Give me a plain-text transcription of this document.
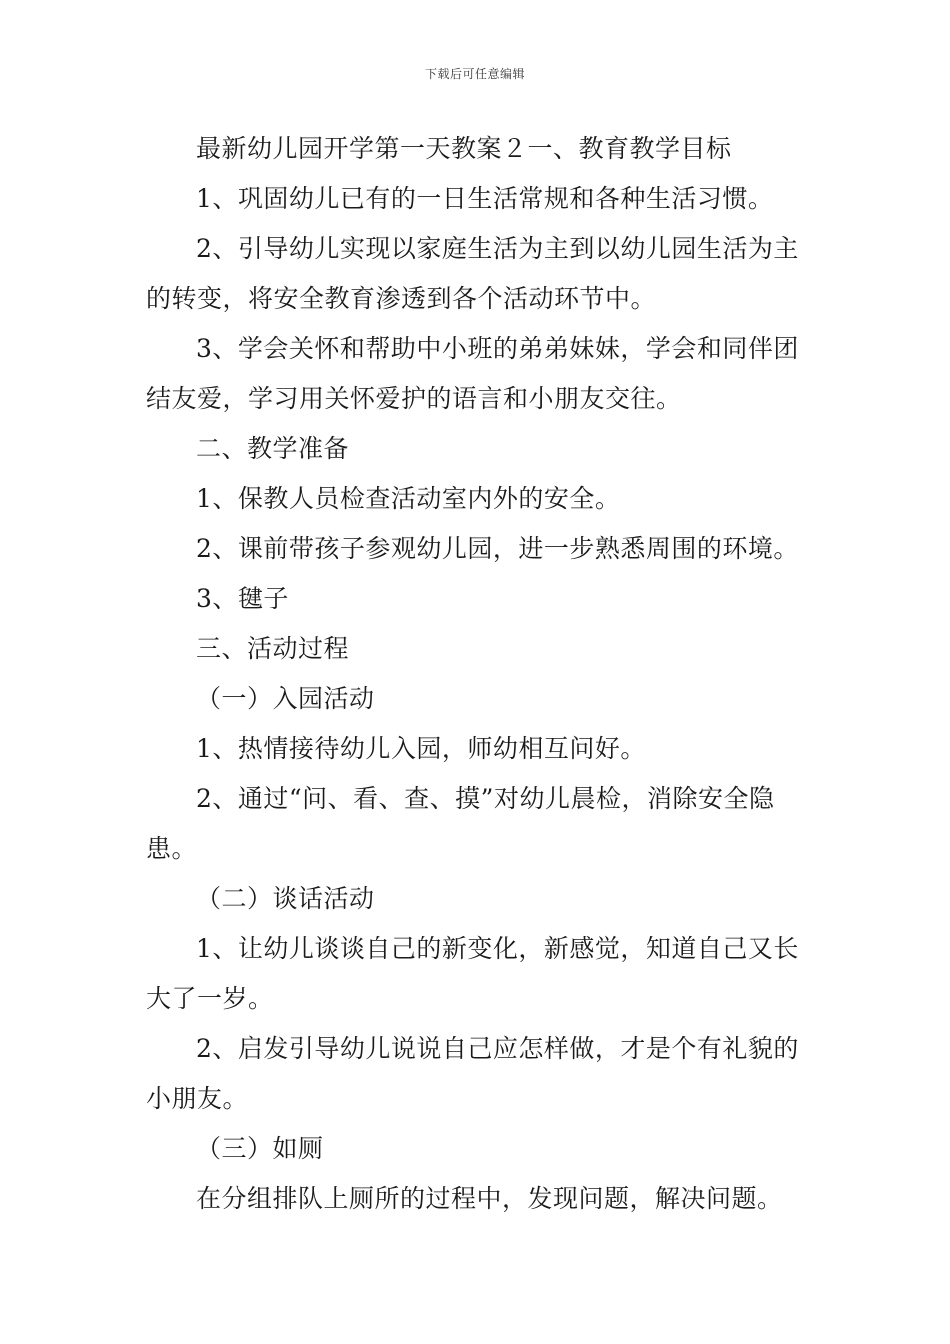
下载后可任意编辑
最新幼儿园开学第一天教案２一、教育教学目标
1、巩固幼儿已有的一日生活常规和各种生活习惯。
2、引导幼儿实现以家庭生活为主到以幼儿园生活为主
的转变，将安全教育渗透到各个活动环节中。
3、学会关怀和帮助中小班的弟弟妹妹，学会和同伴团
结友爱，学习用关怀爱护的语言和小朋友交往。
二、教学准备
1、保教人员检查活动室内外的安全。
2、课前带孩子参观幼儿园，进一步熟悉周围的环境。
3、毽子
三、活动过程
（一）入园活动
1、热情接待幼儿入园，师幼相互问好。
2、通过“问、看、查、摸”对幼儿晨检，消除安全隐
患。
（二）谈话活动
1、让幼儿谈谈自己的新变化，新感觉，知道自己又长
大了一岁。
2、启发引导幼儿说说自己应怎样做，才是个有礼貌的
小朋友。
（三）如厕
在分组排队上厕所的过程中，发现问题，解决问题。
